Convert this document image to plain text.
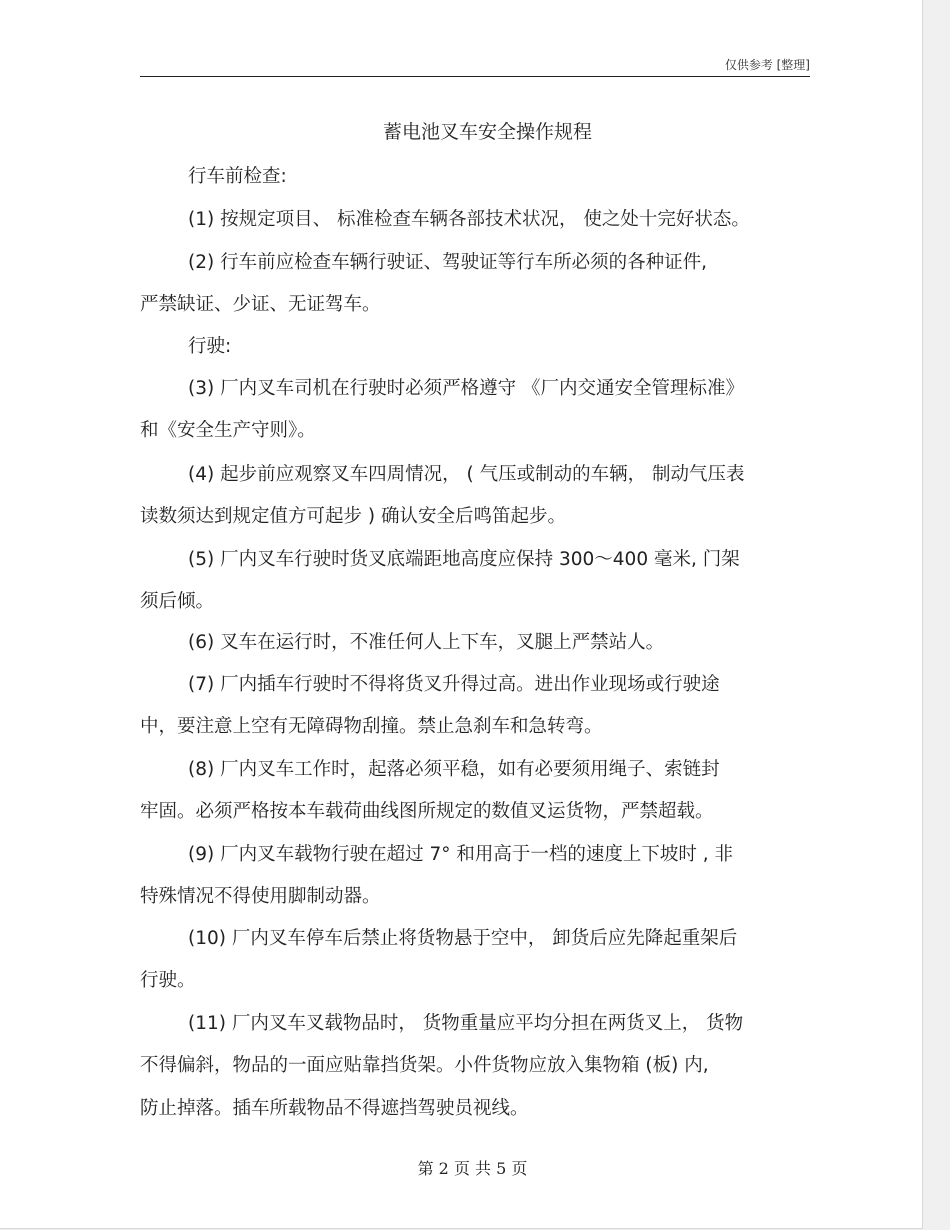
仅供参考 [整理]
蓄电池叉车安全操作规程
行车前检查:
(1) 按规定项目、 标准检查车辆各部技术状况， 使之处十完好状态。
(2) 行车前应检查车辆行驶证、驾驶证等行车所必须的各种证件,
严禁缺证、少证、无证驾车。
行驶:
(3) 厂内叉车司机在行驶时必须严格遵守 《厂内交通安全管理标准》
和《安全生产守则》。
(4) 起步前应观察叉车四周情况， ( 气压或制动的车辆， 制动气压表
读数须达到规定值方可起步 ) 确认安全后鸣笛起步。
(5) 厂内叉车行驶时货叉底端距地高度应保持 300～400 毫米, 门架
须后倾。
(6) 叉车在运行时，不准任何人上下车，叉腿上严禁站人。
(7) 厂内插车行驶时不得将货叉升得过高。进出作业现场或行驶途
中，要注意上空有无障碍物刮撞。禁止急刹车和急转弯。
(8) 厂内叉车工作时，起落必须平稳，如有必要须用绳子、索链封
牢固。必须严格按本车载荷曲线图所规定的数值叉运货物，严禁超载。
(9) 厂内叉车载物行驶在超过 7° 和用高于一档的速度上下坡时 , 非
特殊情况不得使用脚制动器。
(10) 厂内叉车停车后禁止将货物悬于空中， 卸货后应先降起重架后
行驶。
(11) 厂内叉车叉载物品时， 货物重量应平均分担在两货叉上， 货物
不得偏斜，物品的一面应贴靠挡货架。小件货物应放入集物箱 (板) 内,
防止掉落。插车所载物品不得遮挡驾驶员视线。
第 2 页 共 5 页
